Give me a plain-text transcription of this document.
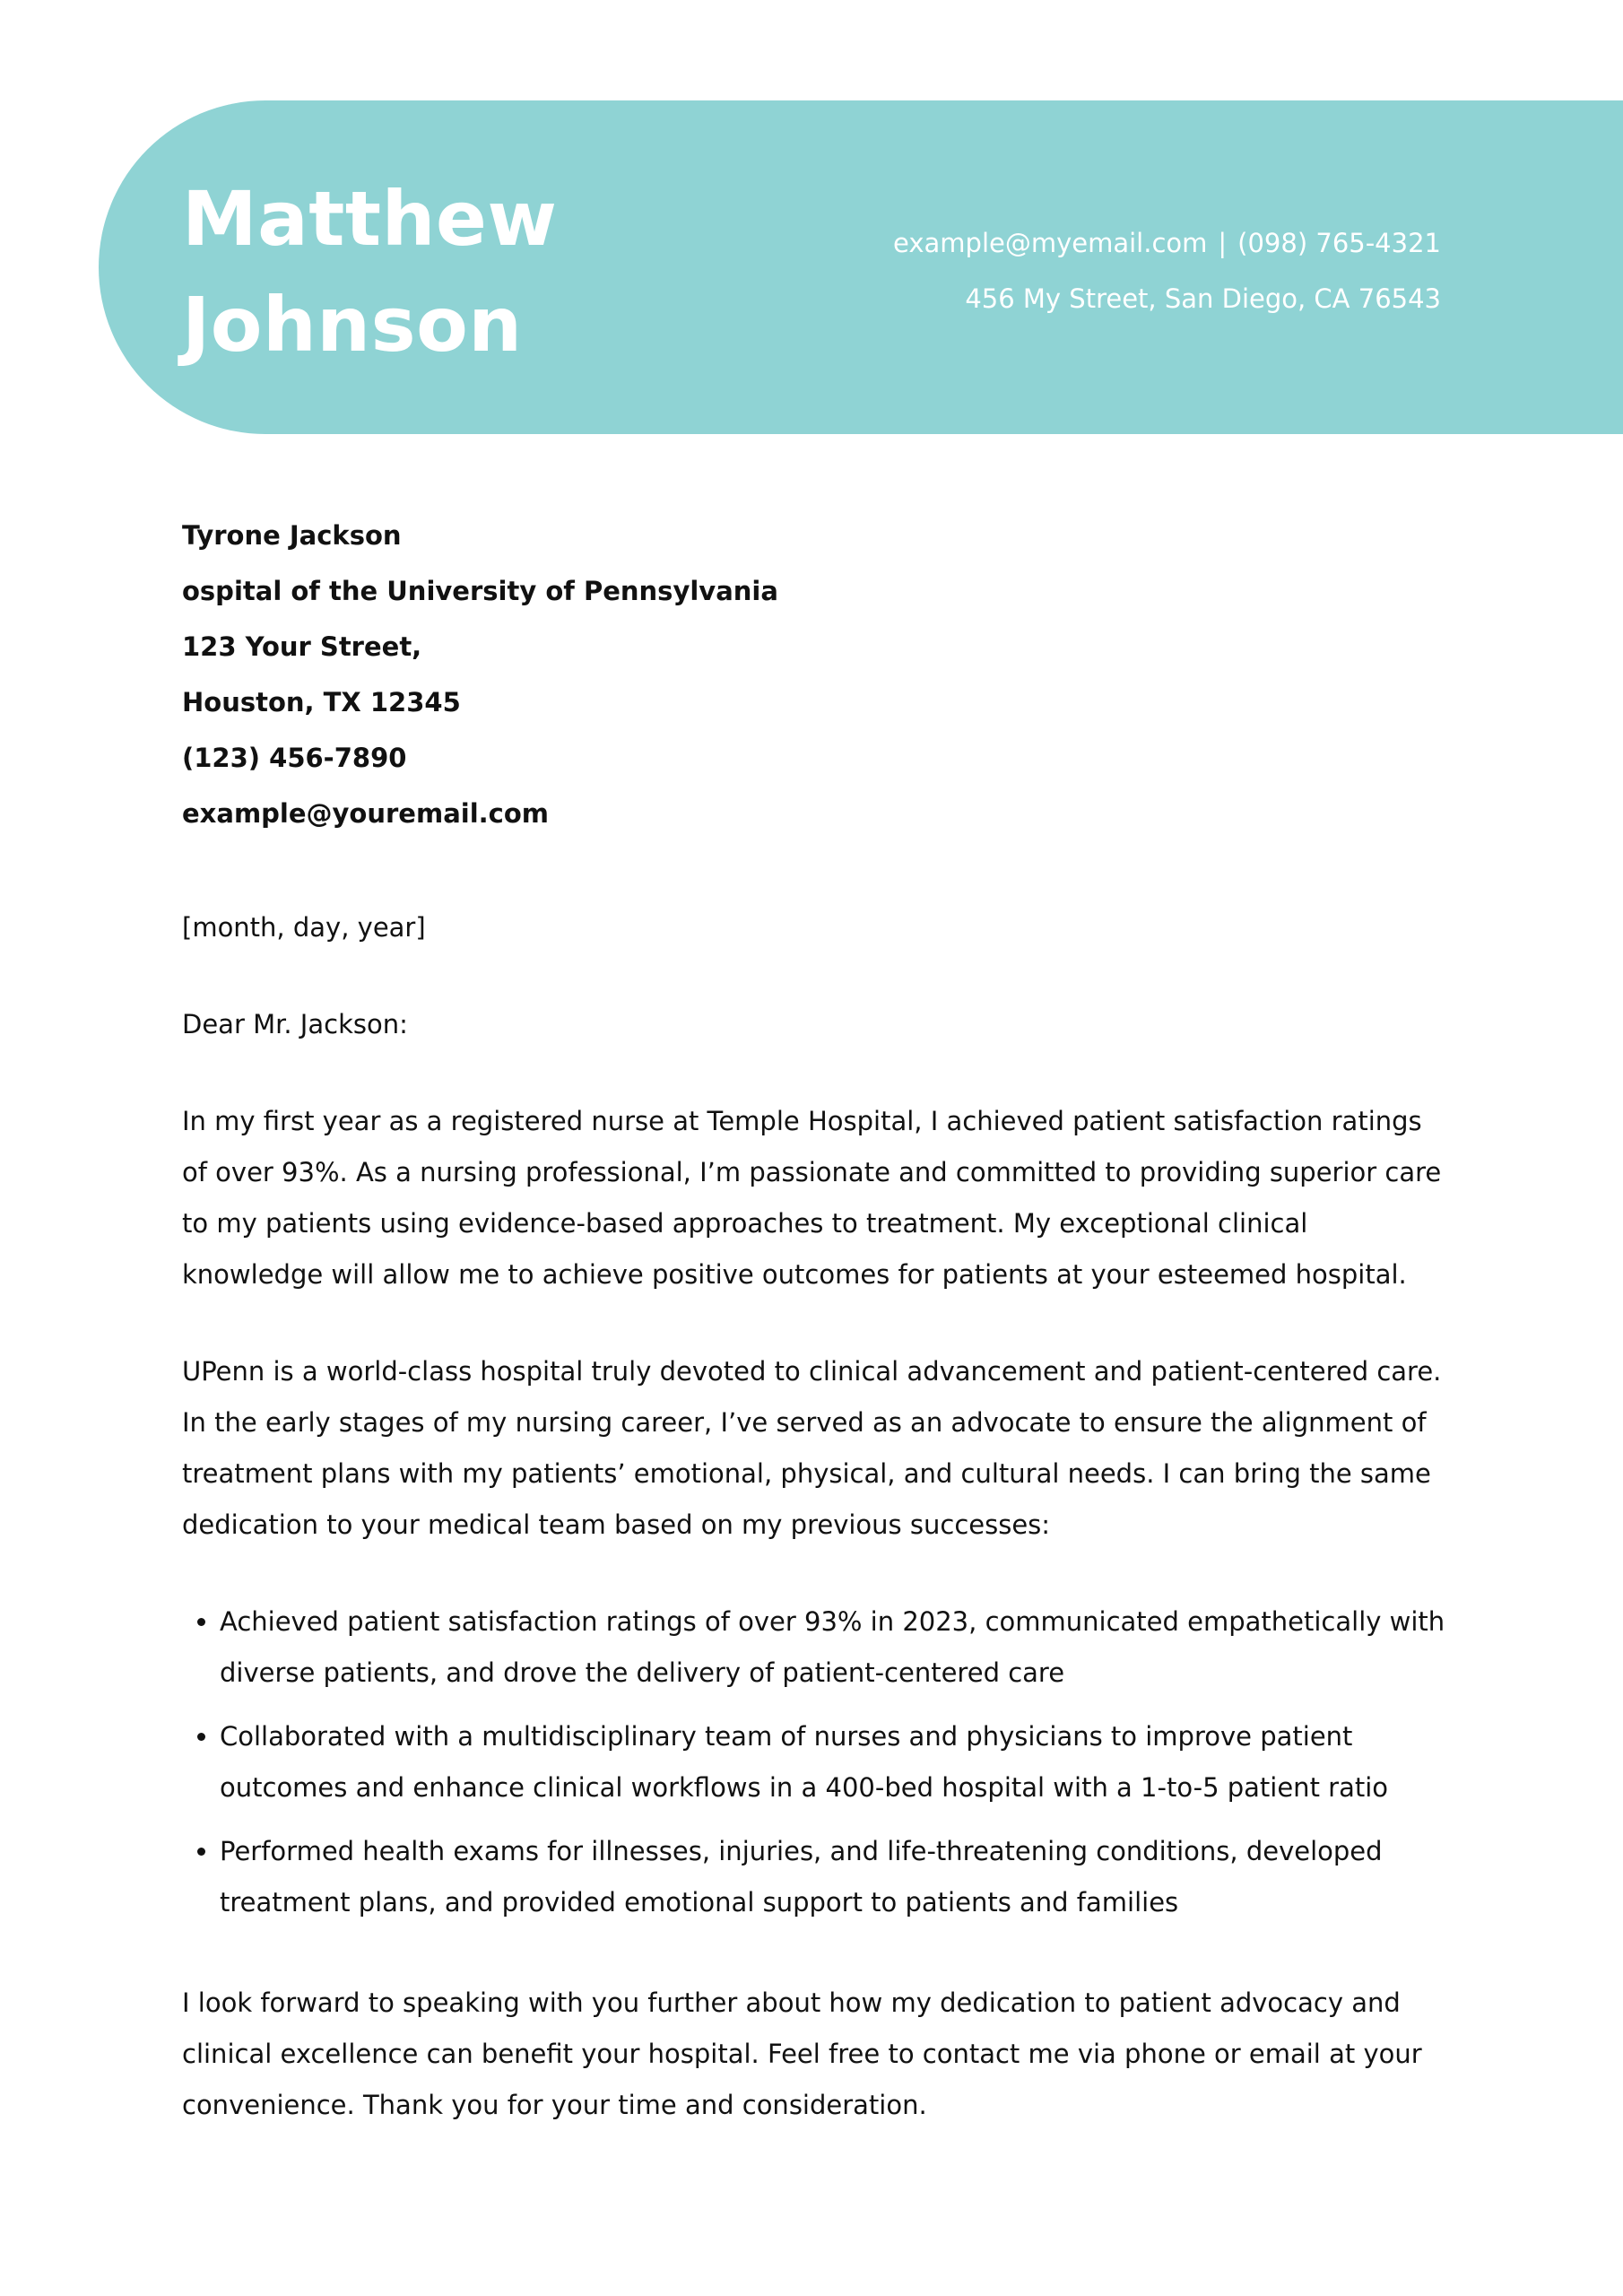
Matthew
Johnson
example@myemail.com | (098) 765-4321
456 My Street, San Diego, CA 76543
Tyrone Jackson
ospital of the University of Pennsylvania
123 Your Street,
Houston, TX 12345
(123) 456-7890
example@youremail.com

[month, day, year]

Dear Mr. Jackson:

In my first year as a registered nurse at Temple Hospital, I achieved patient satisfaction ratings of over 93%. As a nursing professional, I’m passionate and committed to providing superior care to my patients using evidence-based approaches to treatment. My exceptional clinical knowledge will allow me to achieve positive outcomes for patients at your esteemed hospital.

UPenn is a world-class hospital truly devoted to clinical advancement and patient-centered care. In the early stages of my nursing career, I’ve served as an advocate to ensure the alignment of treatment plans with my patients’ emotional, physical, and cultural needs. I can bring the same dedication to your medical team based on my previous successes:

• Achieved patient satisfaction ratings of over 93% in 2023, communicated empathetically with diverse patients, and drove the delivery of patient-centered care
• Collaborated with a multidisciplinary team of nurses and physicians to improve patient outcomes and enhance clinical workflows in a 400-bed hospital with a 1-to-5 patient ratio
• Performed health exams for illnesses, injuries, and life-threatening conditions, developed treatment plans, and provided emotional support to patients and families

I look forward to speaking with you further about how my dedication to patient advocacy and clinical excellence can benefit your hospital. Feel free to contact me via phone or email at your convenience. Thank you for your time and consideration.
